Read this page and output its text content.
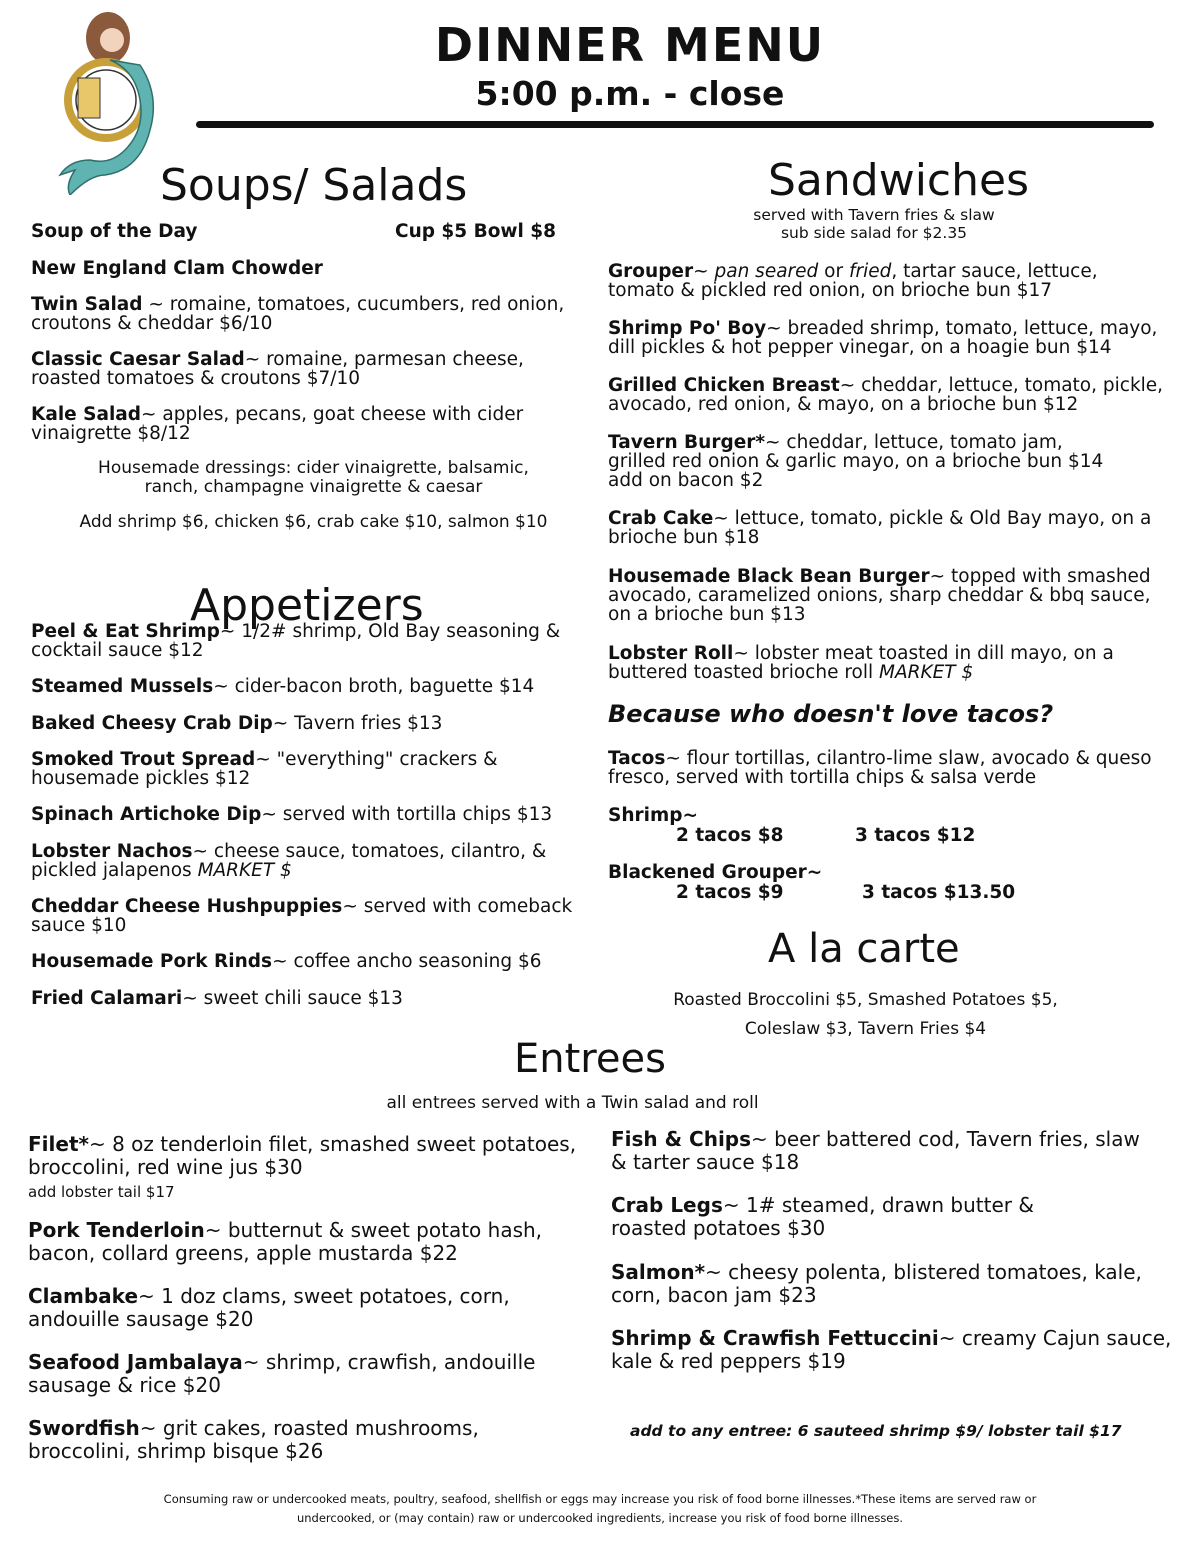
DINNER MENU
5:00 p.m. - close
Soups/ Salads
Soup of the Day	Cup $5 Bowl $8
New England Clam Chowder
Twin Salad ~ romaine, tomatoes, cucumbers, red onion,
croutons & cheddar $6/10
Classic Caesar Salad~ romaine, parmesan cheese,
roasted tomatoes & croutons $7/10
Kale Salad~ apples, pecans, goat cheese with cider
vinaigrette $8/12
Housemade dressings: cider vinaigrette, balsamic,
ranch, champagne vinaigrette & caesar
Add shrimp $6, chicken $6, crab cake $10, salmon $10
Appetizers
Peel & Eat Shrimp~ 1/2# shrimp, Old Bay seasoning &
cocktail sauce $12
Steamed Mussels~ cider-bacon broth, baguette $14
Baked Cheesy Crab Dip~ Tavern fries $13
Smoked Trout Spread~ "everything" crackers &
housemade pickles $12
Spinach Artichoke Dip~ served with tortilla chips $13
Lobster Nachos~ cheese sauce, tomatoes, cilantro, &
pickled jalapenos MARKET $
Cheddar Cheese Hushpuppies~ served with comeback
sauce $10
Housemade Pork Rinds~ coffee ancho seasoning $6
Fried Calamari~ sweet chili sauce $13
Sandwiches
served with Tavern fries & slaw
sub side salad for $2.35
Grouper~ pan seared or fried, tartar sauce, lettuce,
tomato & pickled red onion, on brioche bun $17
Shrimp Po' Boy~ breaded shrimp, tomato, lettuce, mayo,
dill pickles & hot pepper vinegar, on a hoagie bun $14
Grilled Chicken Breast~ cheddar, lettuce, tomato, pickle,
avocado, red onion, & mayo, on a brioche bun $12
Tavern Burger*~ cheddar, lettuce, tomato jam,
grilled red onion & garlic mayo, on a brioche bun $14
add on bacon $2
Crab Cake~ lettuce, tomato, pickle & Old Bay mayo, on a
brioche bun $18
Housemade Black Bean Burger~ topped with smashed
avocado, caramelized onions, sharp cheddar & bbq sauce,
on a brioche bun $13
Lobster Roll~ lobster meat toasted in dill mayo, on a
buttered toasted brioche roll MARKET $
Because who doesn't love tacos?
Tacos~ flour tortillas, cilantro-lime slaw, avocado & queso
fresco, served with tortilla chips & salsa verde
Shrimp~
2 tacos $8	3 tacos $12
Blackened Grouper~
2 tacos $9	3 tacos $13.50
A la carte
Roasted Broccolini $5, Smashed Potatoes $5,
Coleslaw $3, Tavern Fries $4
Entrees
all entrees served with a Twin salad and roll
Filet*~ 8 oz tenderloin filet, smashed sweet potatoes,
broccolini, red wine jus $30
add lobster tail $17
Pork Tenderloin~ butternut & sweet potato hash,
bacon, collard greens, apple mustarda $22
Clambake~ 1 doz clams, sweet potatoes, corn,
andouille sausage $20
Seafood Jambalaya~ shrimp, crawfish, andouille
sausage & rice $20
Swordfish~ grit cakes, roasted mushrooms,
broccolini, shrimp bisque $26
Fish & Chips~ beer battered cod, Tavern fries, slaw
& tarter sauce $18
Crab Legs~ 1# steamed, drawn butter &
roasted potatoes $30
Salmon*~ cheesy polenta, blistered tomatoes, kale,
corn, bacon jam $23
Shrimp & Crawfish Fettuccini~ creamy Cajun sauce,
kale & red peppers $19
add to any entree: 6 sauteed shrimp $9/ lobster tail $17
Consuming raw or undercooked meats, poultry, seafood, shellfish or eggs may increase you risk of food borne illnesses.*These items are served raw or
undercooked, or (may contain) raw or undercooked ingredients, increase you risk of food borne illnesses.
